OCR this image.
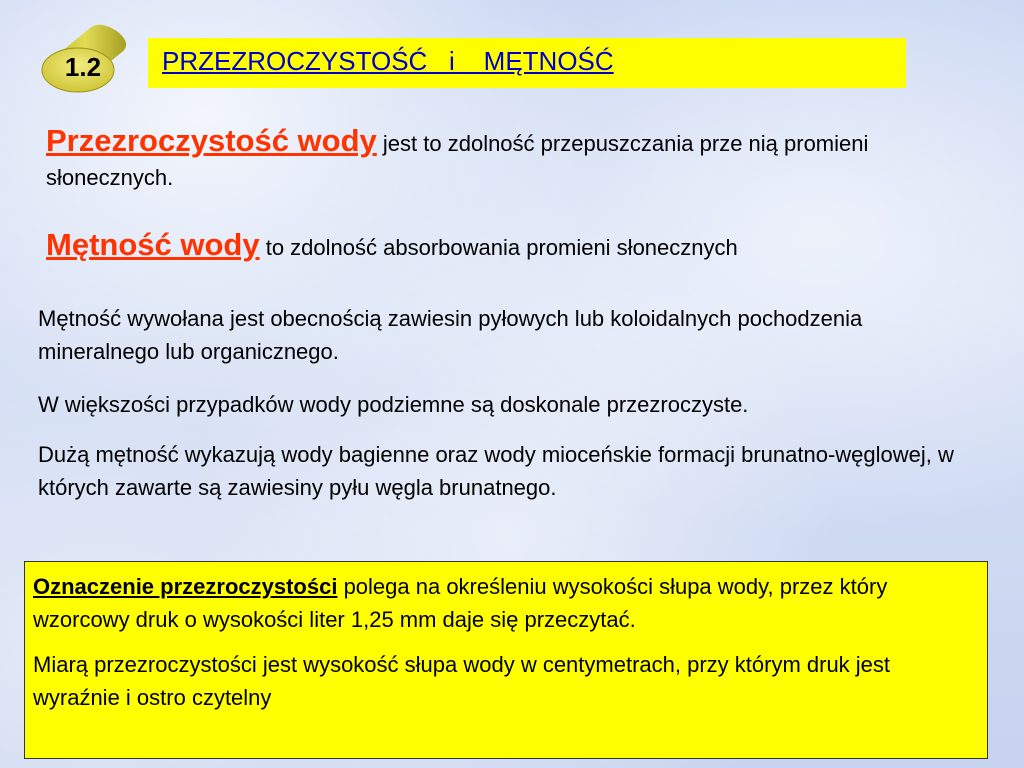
1.2	PRZEZROCZYSTOŚĆ   i    MĘTNOŚĆ
Przezroczystość wody jest to zdolność przepuszczania prze nią promieni słonecznych.
Mętność wody to zdolność absorbowania promieni słonecznych

Mętność wywołana jest obecnością zawiesin pyłowych lub koloidalnych pochodzenia mineralnego lub organicznego.

W większości przypadków wody podziemne są doskonale przezroczyste.

Dużą mętność wykazują wody bagienne oraz wody mioceńskie formacji brunatno-węglowej, w których zawarte są zawiesiny pyłu węgla brunatnego.

Oznaczenie przezroczystości polega na określeniu wysokości słupa wody, przez który wzorcowy druk o wysokości liter 1,25 mm daje się przeczytać.

Miarą przezroczystości jest wysokość słupa wody w centymetrach, przy którym druk jest wyraźnie i ostro czytelny
